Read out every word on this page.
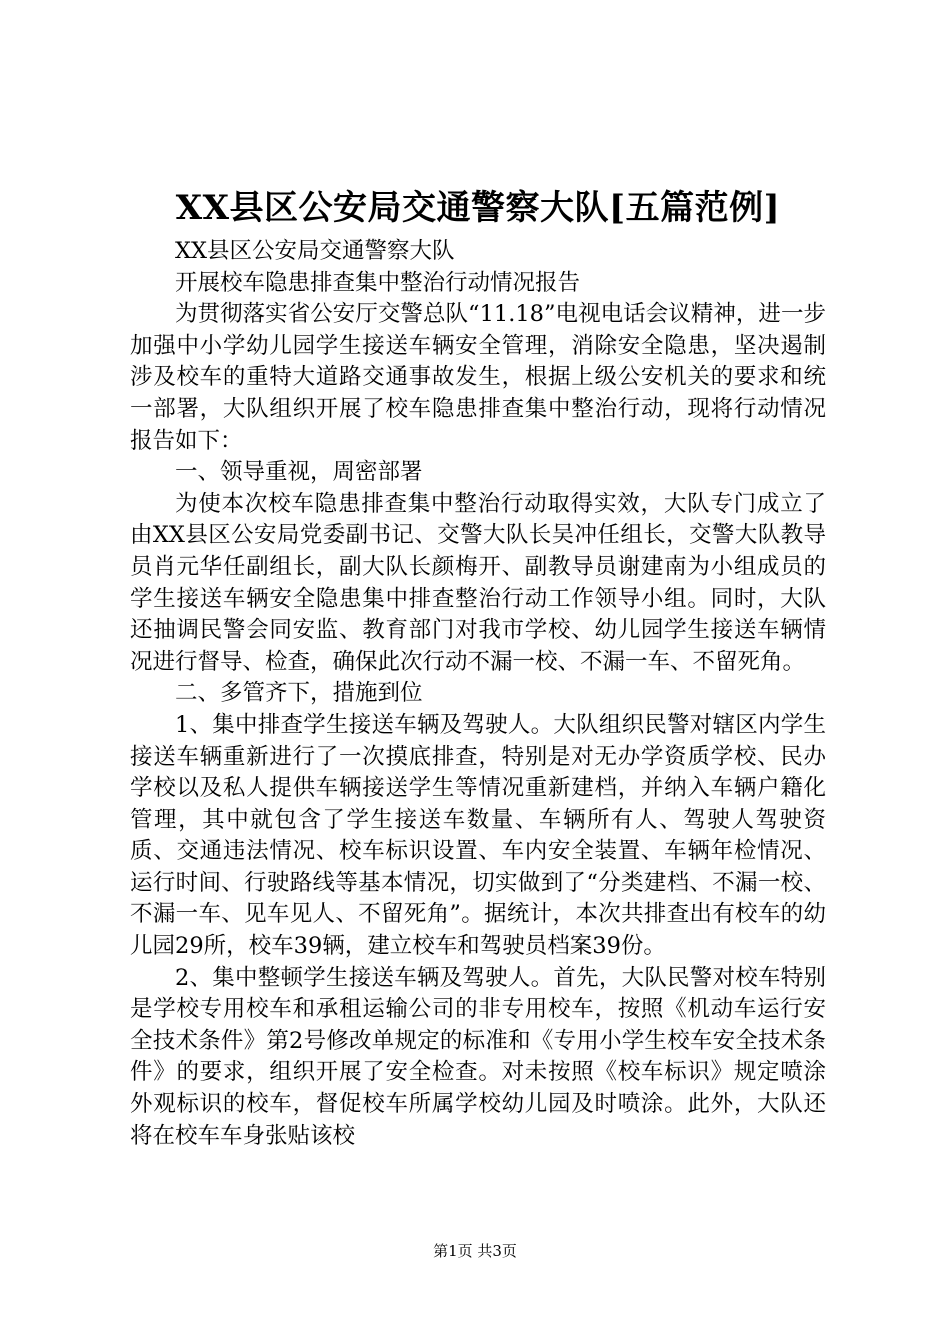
XX县区公安局交通警察大队[五篇范例]

XX县区公安局交通警察大队

开展校车隐患排查集中整治行动情况报告

为贯彻落实省公安厅交警总队“11.18”电视电话会议精神，进一步加强中小学幼儿园学生接送车辆安全管理，消除安全隐患，坚决遏制涉及校车的重特大道路交通事故发生，根据上级公安机关的要求和统一部署，大队组织开展了校车隐患排查集中整治行动，现将行动情况报告如下：

一、领导重视，周密部署

为使本次校车隐患排查集中整治行动取得实效，大队专门成立了由XX县区公安局党委副书记、交警大队长吴冲任组长，交警大队教导员肖元华任副组长，副大队长颜梅开、副教导员谢建南为小组成员的学生接送车辆安全隐患集中排查整治行动工作领导小组。同时，大队还抽调民警会同安监、教育部门对我市学校、幼儿园学生接送车辆情况进行督导、检查，确保此次行动不漏一校、不漏一车、不留死角。

二、多管齐下，措施到位

1、集中排查学生接送车辆及驾驶人。大队组织民警对辖区内学生接送车辆重新进行了一次摸底排查，特别是对无办学资质学校、民办学校以及私人提供车辆接送学生等情况重新建档，并纳入车辆户籍化管理，其中就包含了学生接送车数量、车辆所有人、驾驶人驾驶资质、交通违法情况、校车标识设置、车内安全装置、车辆年检情况、运行时间、行驶路线等基本情况，切实做到了“分类建档、不漏一校、不漏一车、见车见人、不留死角”。据统计，本次共排查出有校车的幼儿园29所，校车39辆，建立校车和驾驶员档案39份。

2、集中整顿学生接送车辆及驾驶人。首先，大队民警对校车特别是学校专用校车和承租运输公司的非专用校车，按照《机动车运行安全技术条件》第2号修改单规定的标准和《专用小学生校车安全技术条件》的要求，组织开展了安全检查。对未按照《校车标识》规定喷涂外观标识的校车，督促校车所属学校幼儿园及时喷涂。此外，大队还将在校车车身张贴该校

第1页 共3页
